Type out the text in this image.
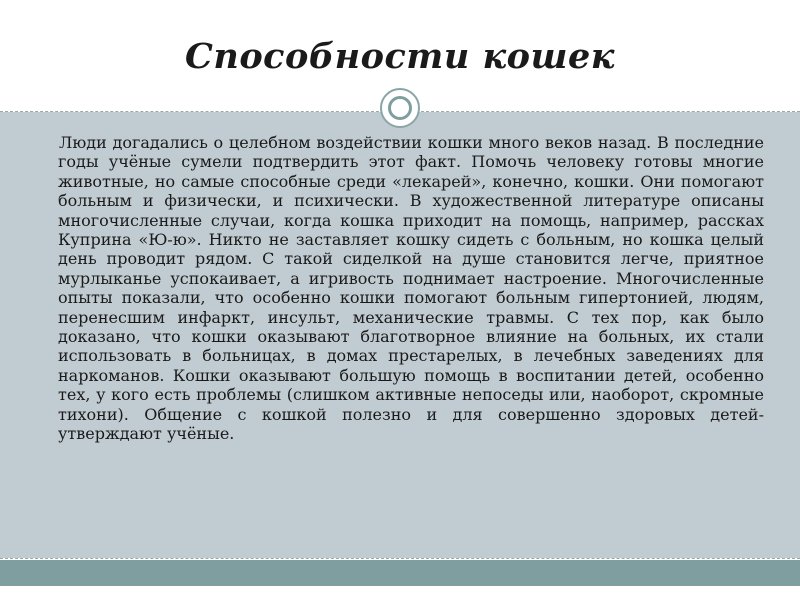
Способности кошек
Люди догадались о целебном воздействии кошки много веков назад. В последние годы учёные сумели подтвердить этот факт. Помочь человеку готовы многие животные, но самые способные среди «лекарей», конечно, кошки. Они помогают больным и физически, и психически. В художественной литературе описаны многочисленные случаи, когда кошка приходит на помощь, например, рассках Куприна «Ю-ю». Никто не заставляет кошку сидеть с больным, но кошка целый день проводит рядом. С такой сиделкой на душе становится легче, приятное мурлыканье успокаивает, а игривость поднимает настроение. Многочисленные опыты показали, что особенно кошки помогают больным гипертонией, людям, перенесшим инфаркт, инсульт, механические травмы. С тех пор, как было доказано, что кошки оказывают благотворное влияние на больных, их стали использовать в больницах, в домах престарелых, в лечебных заведениях для наркоманов. Кошки оказывают большую помощь в воспитании детей, особенно тех, у кого есть проблемы (слишком активные непоседы или, наоборот, скромные тихони). Общение с кошкой полезно и для совершенно здоровых детей-утверждают учёные.
